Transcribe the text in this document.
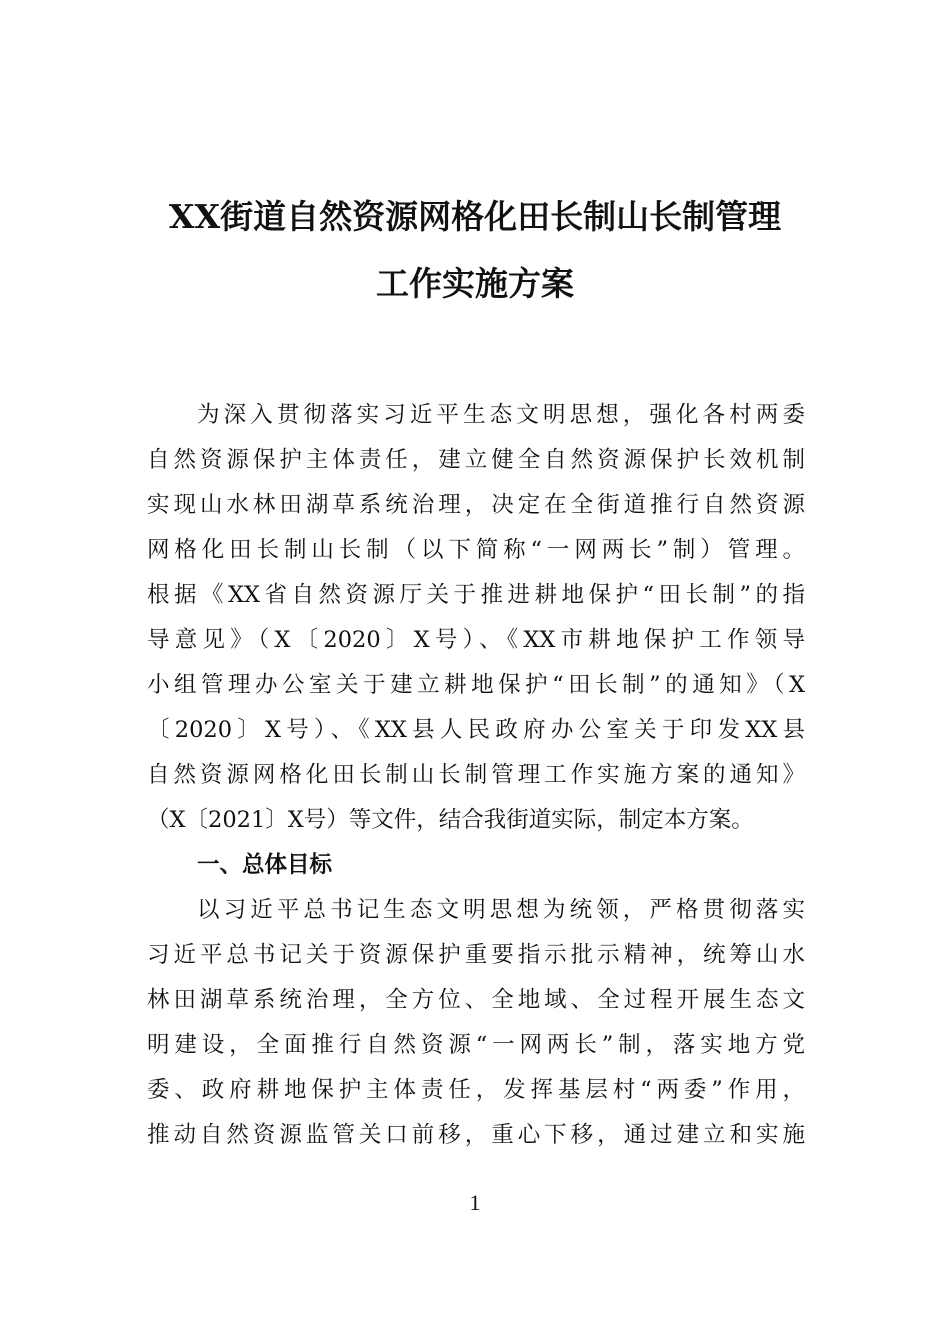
XX街道自然资源网格化田长制山长制管理
工作实施方案
为深入贯彻落实习近平生态文明思想，强化各村两委
自然资源保护主体责任，建立健全自然资源保护长效机制
实现山水林田湖草系统治理，决定在全街道推行自然资源
网格化田长制山长制（以下简称“一网两长”制）管理。
根据《XX省自然资源厅关于推进耕地保护“田长制”的指
导意见》（X〔2020〕X号）、《XX市耕地保护工作领导
小组管理办公室关于建立耕地保护“田长制”的通知》（X
〔2020〕X号）、《XX县人民政府办公室关于印发XX县
自然资源网格化田长制山长制管理工作实施方案的通知》
（X〔2021〕X号）等文件，结合我街道实际，制定本方案。
一、总体目标
以习近平总书记生态文明思想为统领，严格贯彻落实
习近平总书记关于资源保护重要指示批示精神，统筹山水
林田湖草系统治理，全方位、全地域、全过程开展生态文
明建设，全面推行自然资源“一网两长”制，落实地方党
委、政府耕地保护主体责任，发挥基层村“两委”作用，
推动自然资源监管关口前移，重心下移，通过建立和实施
1
